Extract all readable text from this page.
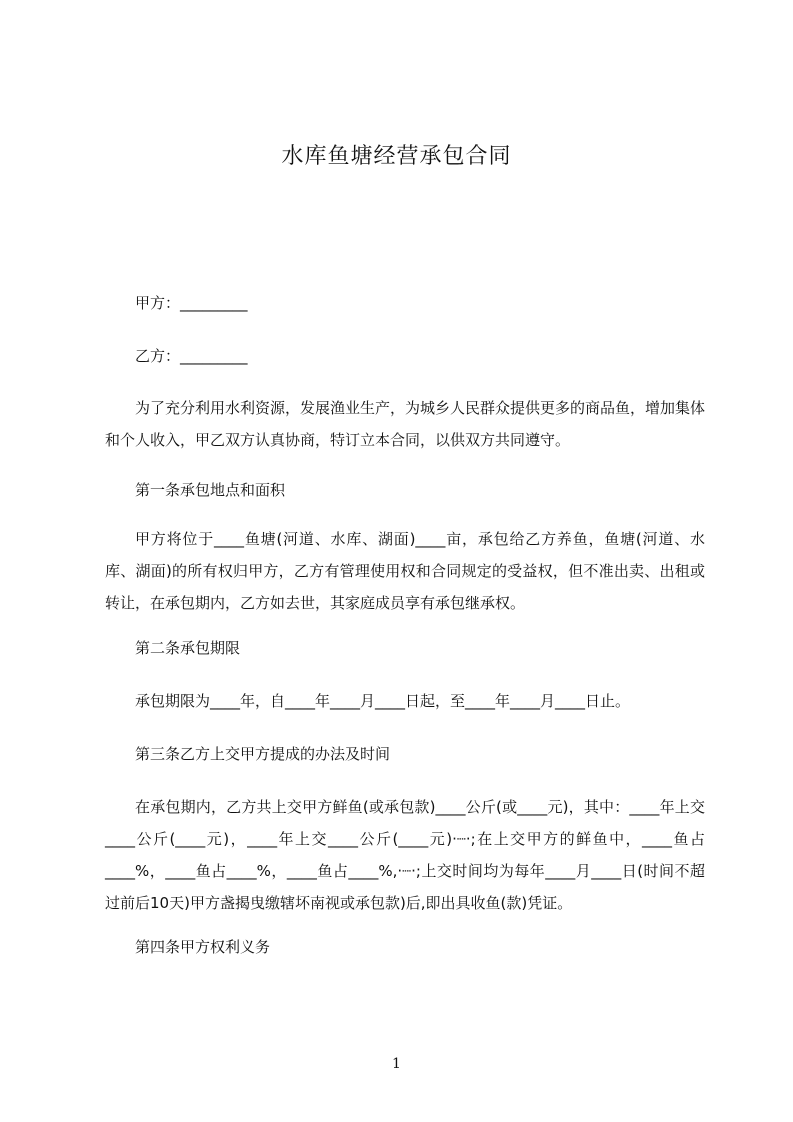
水库鱼塘经营承包合同
甲方：_________
乙方：_________
为了充分利用水利资源，发展渔业生产，为城乡人民群众提供更多的商品鱼，增加集体和个人收入，甲乙双方认真协商，特订立本合同，以供双方共同遵守。
第一条承包地点和面积
甲方将位于____鱼塘(河道、水库、湖面)____亩，承包给乙方养鱼，鱼塘(河道、水库、湖面)的所有权归甲方，乙方有管理使用权和合同规定的受益权，但不准出卖、出租或转让，在承包期内，乙方如去世，其家庭成员享有承包继承权。
第二条承包期限
承包期限为____年，自____年____月____日起，至____年____月____日止。
第三条乙方上交甲方提成的办法及时间
在承包期内，乙方共上交甲方鲜鱼(或承包款)____公斤(或____元)，其中：____年上交____公斤(____元)，____年上交____公斤(____元)·┈·;在上交甲方的鲜鱼中，____鱼占____%，____鱼占____%，____鱼占____%,·┈·;上交时间均为每年____月____日(时间不超过前后10天)甲方盏揭曳缴辖坏南视或承包款)后,即出具收鱼(款)凭证。
第四条甲方权利义务
1
